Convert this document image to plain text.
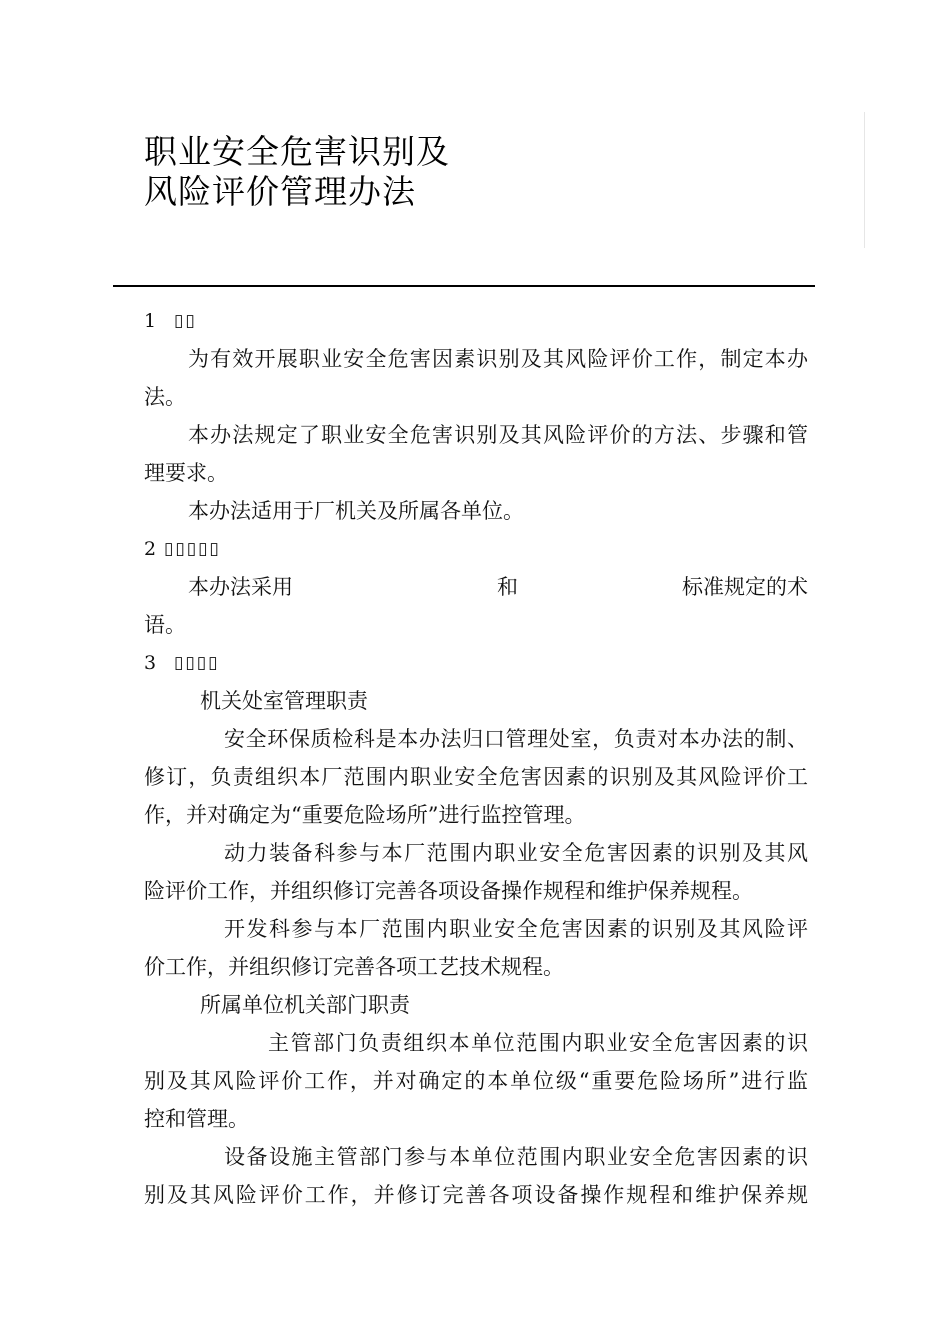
职业安全危害识别及
风险评价管理办法
1	▯▯

为有效开展职业安全危害因素识别及其风险评价工作，制定本办
法。

本办法规定了职业安全危害识别及其风险评价的方法、步骤和管
理要求。

本办法适用于厂机关及所属各单位。

2 ▯▯▯▯▯

本办法采用	和	标准规定的术
语。

3	▯▯▯▯

机关处室管理职责

安全环保质检科是本办法归口管理处室，负责对本办法的制、
修订，负责组织本厂范围内职业安全危害因素的识别及其风险评价工
作，并对确定为“重要危险场所”进行监控管理。

动力装备科参与本厂范围内职业安全危害因素的识别及其风
险评价工作，并组织修订完善各项设备操作规程和维护保养规程。

开发科参与本厂范围内职业安全危害因素的识别及其风险评
价工作，并组织修订完善各项工艺技术规程。

所属单位机关部门职责

主管部门负责组织本单位范围内职业安全危害因素的识
别及其风险评价工作，并对确定的本单位级“重要危险场所”进行监
控和管理。

设备设施主管部门参与本单位范围内职业安全危害因素的识
别及其风险评价工作，并修订完善各项设备操作规程和维护保养规
